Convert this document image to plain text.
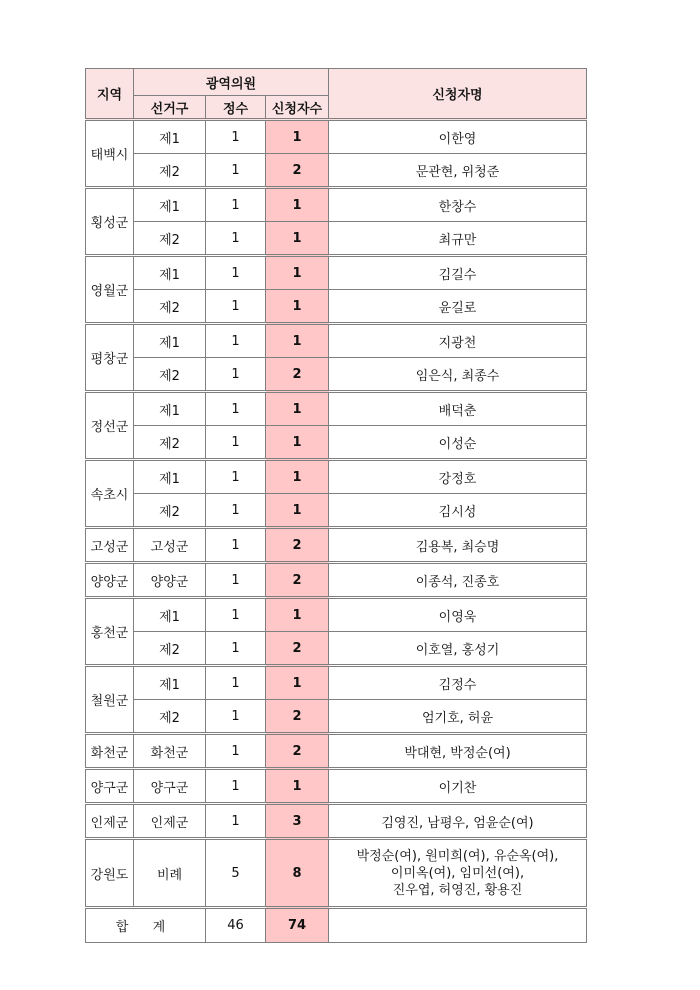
지역	광역의원			신청자명
	선거구	정수	신청자수	
태백시	제1	1	1	이한영
	제2	1	2	문관현, 위청준
횡성군	제1	1	1	한창수
	제2	1	1	최규만
영월군	제1	1	1	김길수
	제2	1	1	윤길로
평창군	제1	1	1	지광천
	제2	1	2	임은식, 최종수
정선군	제1	1	1	배덕춘
	제2	1	1	이성순
속초시	제1	1	1	강정호
	제2	1	1	김시성
고성군	고성군	1	2	김용복, 최승명
양양군	양양군	1	2	이종석, 진종호
홍천군	제1	1	1	이영욱
	제2	1	2	이호열, 홍성기
철원군	제1	1	1	김정수
	제2	1	2	엄기호, 허윤
화천군	화천군	1	2	박대현, 박정순(여)
양구군	양구군	1	1	이기찬
인제군	인제군	1	3	김영진, 남평우, 엄윤순(여)
강원도	비례	5	8	박정순(여), 원미희(여), 유순옥(여),
이미옥(여), 임미선(여),
진우엽, 허영진, 황용진

합 계		46	74	
